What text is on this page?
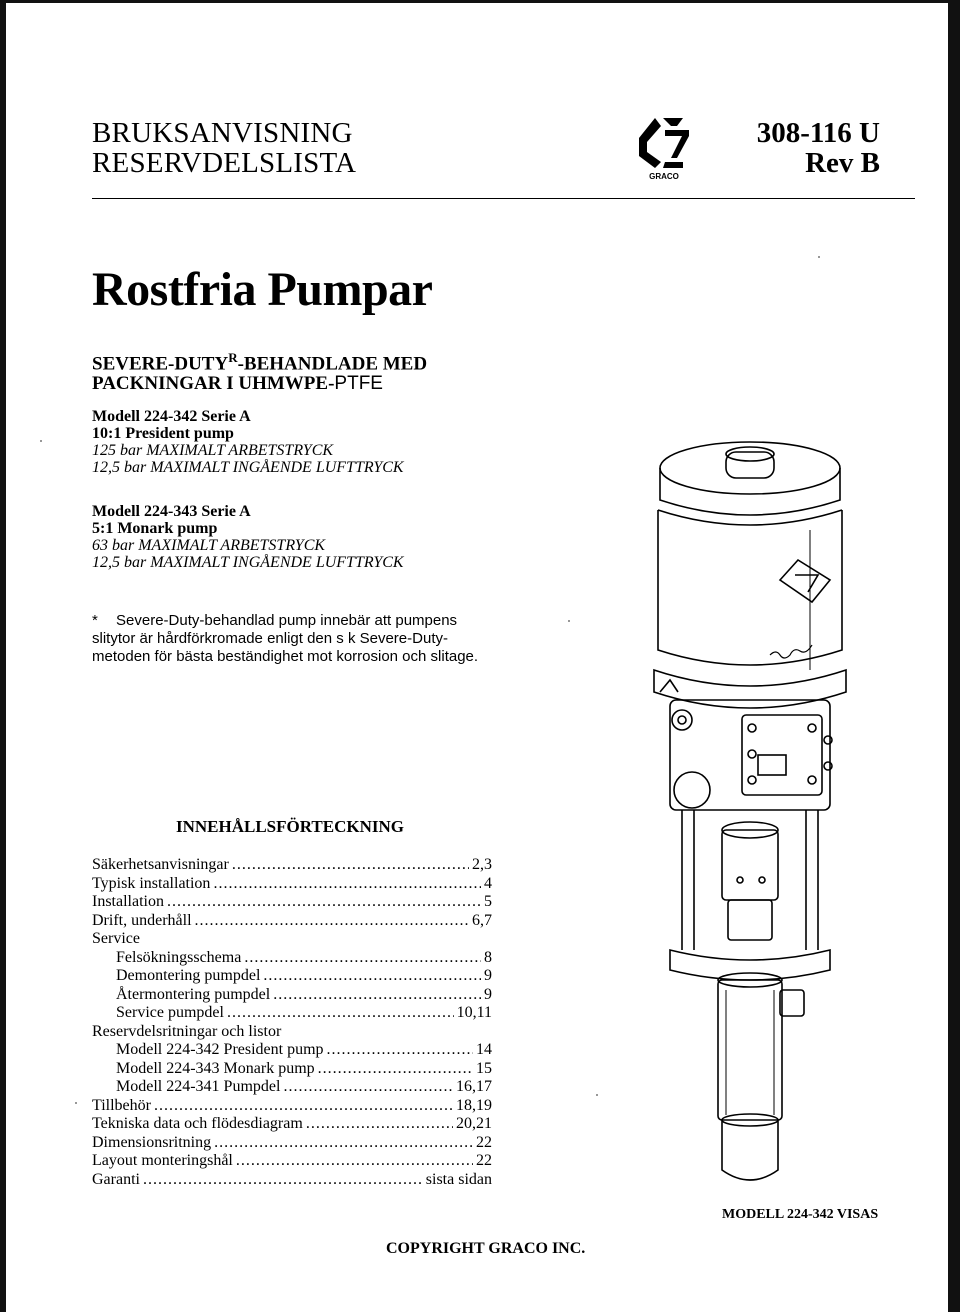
BRUKSANVISNING
RESERVDELSLISTA	GRACO
308-116 U
Rev B
Rostfria Pumpar
SEVERE-$DUTY^R$-BEHANDLADE MED
PACKNINGAR I UHMWPE-PTFE
Modell 224-342 Serie A
10:1 President pump
125 bar MAXIMALT ARBETSTRYCK
12,5 bar MAXIMALT INGÅENDE LUFTTRYCK
Modell 224-343 Serie A
5:1 Monark pump
63 bar MAXIMALT ARBETSTRYCK
12,5 bar MAXIMALT INGÅENDE LUFTTRYCK
* Severe-Duty-behandlad pump innebär att pumpens slitytor är hårdförkromade enligt den s k Severe-Duty-metoden för bästa beständighet mot korrosion och slitage.
INNEHÅLLSFÖRTECKNING
Säkerhetsanvisningar .....	2,3
Typisk installation .....	4
Installation .....	5
Drift, underhåll .....	6,7
Service
Felsökningsschema .....	8
Demontering pumpdel .....	9
Återmontering pumpdel .....	9
Service pumpdel .....	10,11
Reservdelsritningar och listor
Modell 224-342 President pump .....	14
Modell 224-343 Monark pump .....	15
Modell 224-341 Pumpdel .....	16,17
Tillbehör .....	18,19
Tekniska data och flödesdiagram .....	20,21
Dimensionsritning .....	22
Layout monteringshål .....	22
Garanti .....	sista sidan
MODELL 224-342 VISAS
COPYRIGHT GRACO INC.
